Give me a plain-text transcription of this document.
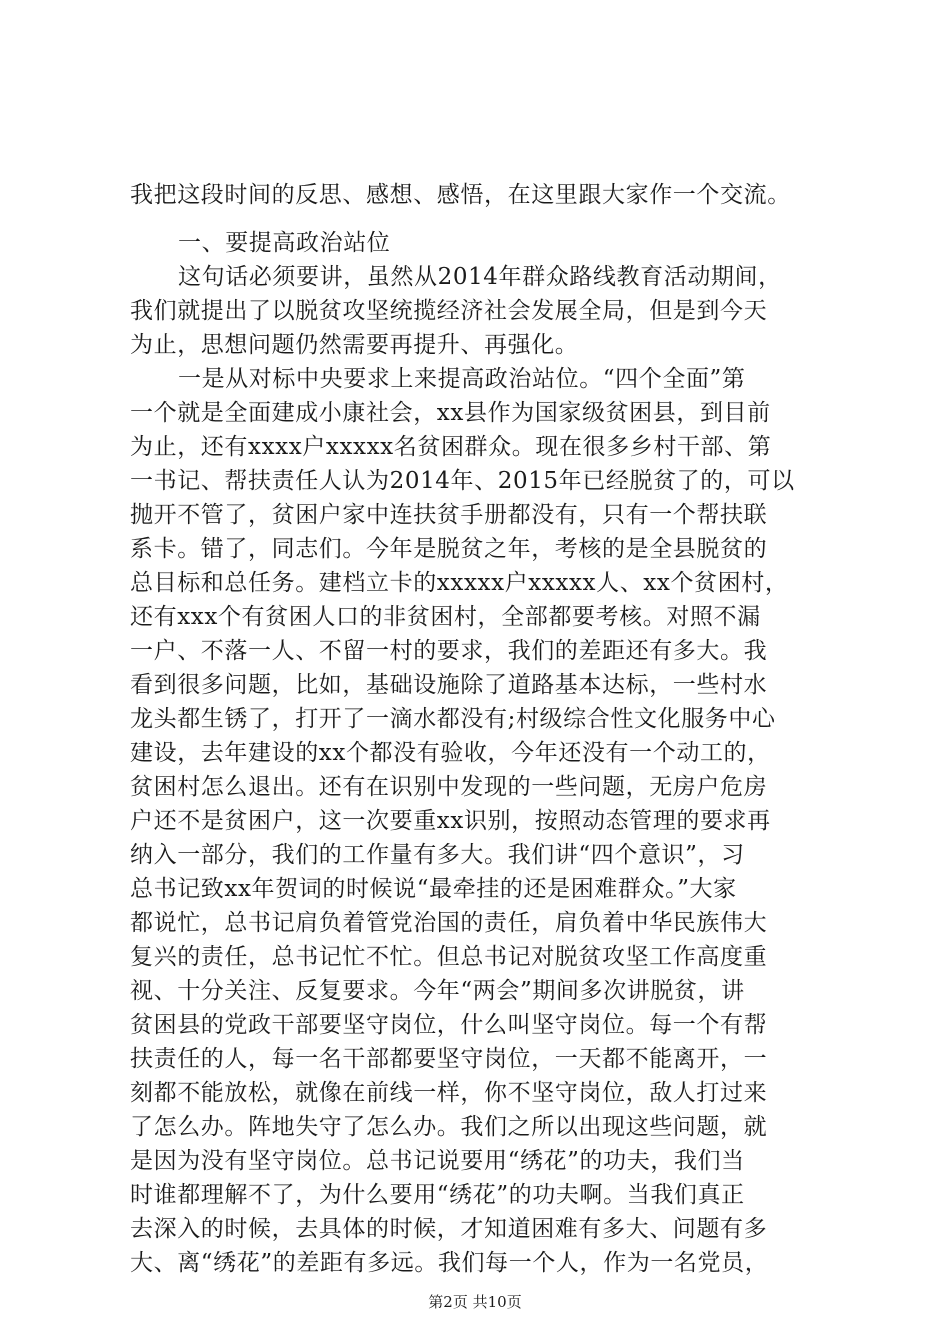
我把这段时间的反思、感想、感悟，在这里跟大家作一个交流。
一、要提高政治站位
这句话必须要讲，虽然从2014年群众路线教育活动期间，
我们就提出了以脱贫攻坚统揽经济社会发展全局，但是到今天
为止，思想问题仍然需要再提升、再强化。
一是从对标中央要求上来提高政治站位。“四个全面”第
一个就是全面建成小康社会，xx县作为国家级贫困县，到目前
为止，还有xxxx户xxxxx名贫困群众。现在很多乡村干部、第
一书记、帮扶责任人认为2014年、2015年已经脱贫了的，可以
抛开不管了，贫困户家中连扶贫手册都没有，只有一个帮扶联
系卡。错了，同志们。今年是脱贫之年，考核的是全县脱贫的
总目标和总任务。建档立卡的xxxxx户xxxxx人、xx个贫困村，
还有xxx个有贫困人口的非贫困村，全部都要考核。对照不漏
一户、不落一人、不留一村的要求，我们的差距还有多大。我
看到很多问题，比如，基础设施除了道路基本达标，一些村水
龙头都生锈了，打开了一滴水都没有;村级综合性文化服务中心
建设，去年建设的xx个都没有验收，今年还没有一个动工的，
贫困村怎么退出。还有在识别中发现的一些问题，无房户危房
户还不是贫困户，这一次要重xx识别，按照动态管理的要求再
纳入一部分，我们的工作量有多大。我们讲“四个意识”，习
总书记致xx年贺词的时候说“最牵挂的还是困难群众。”大家
都说忙，总书记肩负着管党治国的责任，肩负着中华民族伟大
复兴的责任，总书记忙不忙。但总书记对脱贫攻坚工作高度重
视、十分关注、反复要求。今年“两会”期间多次讲脱贫，讲
贫困县的党政干部要坚守岗位，什么叫坚守岗位。每一个有帮
扶责任的人，每一名干部都要坚守岗位，一天都不能离开，一
刻都不能放松，就像在前线一样，你不坚守岗位，敌人打过来
了怎么办。阵地失守了怎么办。我们之所以出现这些问题，就
是因为没有坚守岗位。总书记说要用“绣花”的功夫，我们当
时谁都理解不了，为什么要用“绣花”的功夫啊。当我们真正
去深入的时候，去具体的时候，才知道困难有多大、问题有多
大、离“绣花”的差距有多远。我们每一个人，作为一名党员，
第2页 共10页
